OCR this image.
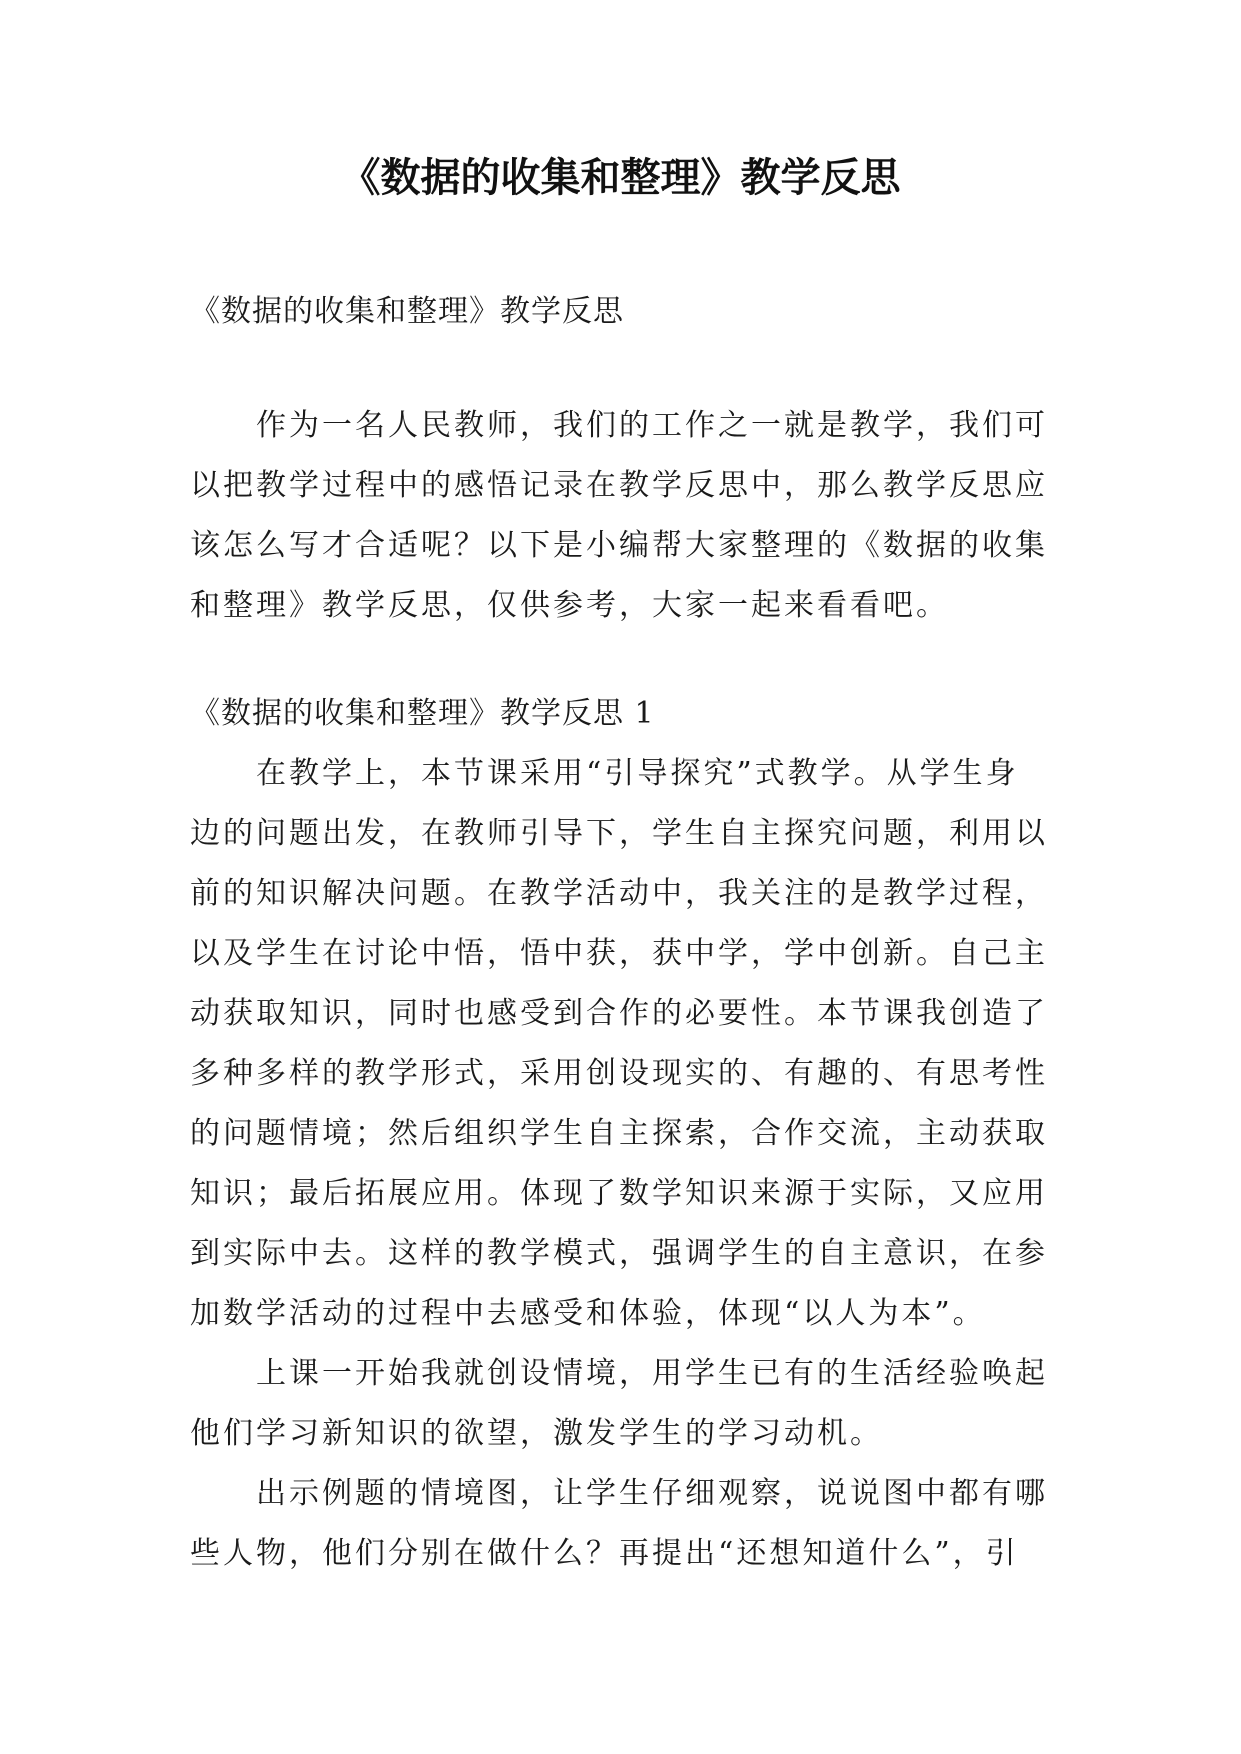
《数据的收集和整理》教学反思
《数据的收集和整理》教学反思
作为一名人民教师，我们的工作之一就是教学，我们可
以把教学过程中的感悟记录在教学反思中，那么教学反思应
该怎么写才合适呢？以下是小编帮大家整理的《数据的收集
和整理》教学反思，仅供参考，大家一起来看看吧。
《数据的收集和整理》教学反思 1
在教学上，本节课采用“引导探究”式教学。从学生身
边的问题出发，在教师引导下，学生自主探究问题，利用以
前的知识解决问题。在教学活动中，我关注的是教学过程，
以及学生在讨论中悟，悟中获，获中学，学中创新。自己主
动获取知识，同时也感受到合作的必要性。本节课我创造了
多种多样的教学形式，采用创设现实的、有趣的、有思考性
的问题情境；然后组织学生自主探索，合作交流，主动获取
知识；最后拓展应用。体现了数学知识来源于实际，又应用
到实际中去。这样的教学模式，强调学生的自主意识，在参
加数学活动的过程中去感受和体验，体现“以人为本”。
上课一开始我就创设情境，用学生已有的生活经验唤起
他们学习新知识的欲望，激发学生的学习动机。
出示例题的情境图，让学生仔细观察，说说图中都有哪
些人物，他们分别在做什么？再提出“还想知道什么”，引
